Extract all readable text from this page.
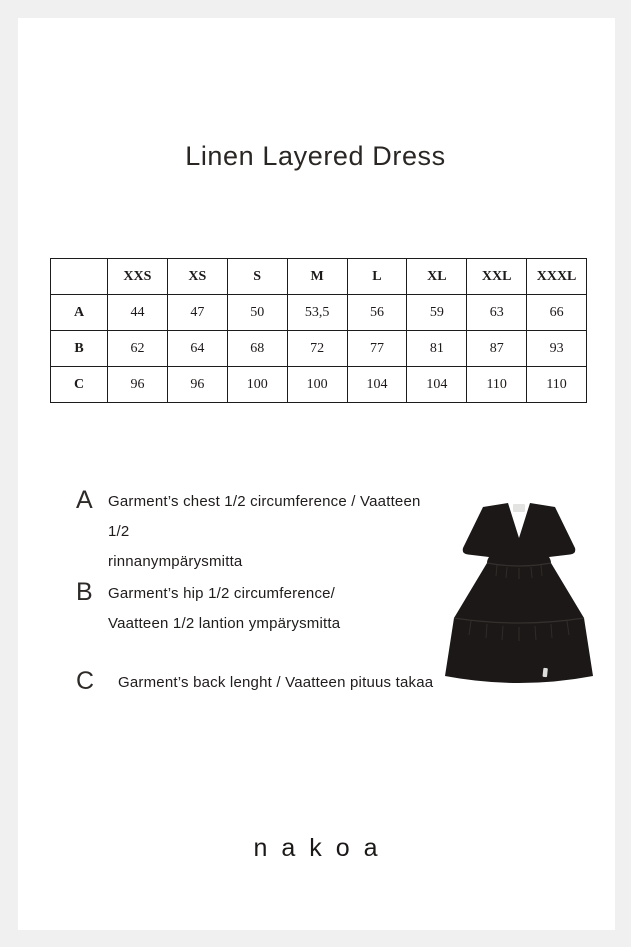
Linen Layered Dress
	XXS	XS	S	M	L	XL	XXL	XXXL
A	44	47	50	53,5	56	59	63	66
B	62	64	68	72	77	81	87	93
C	96	96	100	100	104	104	110	110
A	Garment’s chest 1/2 circumference / Vaatteen 1/2
rinnanympärysmitta
B	Garment’s hip 1/2 circumference/
Vaatteen 1/2 lantion ympärysmitta
C	Garment’s back lenght / Vaatteen pituus takaa
nakoa
